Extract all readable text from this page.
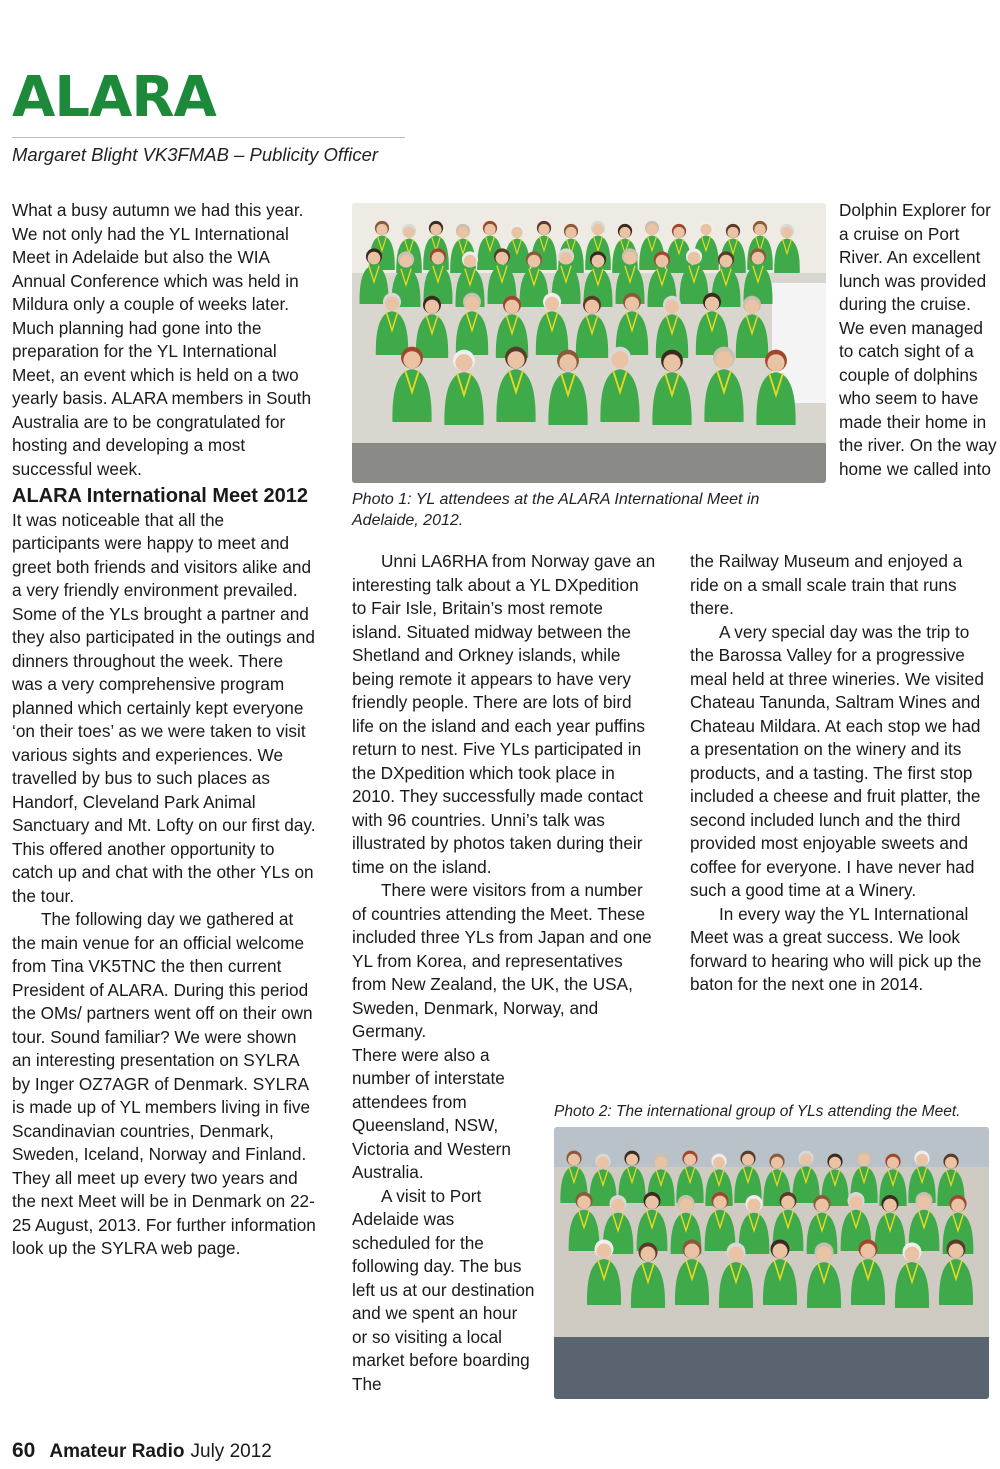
ALARA
Margaret Blight VK3FMAB – Publicity Officer

What a busy autumn we had this year. We not only had the YL International Meet in Adelaide but also the WIA Annual Conference which was held in Mildura only a couple of weeks later. Much planning had gone into the preparation for the YL International Meet, an event which is held on a two yearly basis. ALARA members in South Australia are to be congratulated for hosting and developing a most successful week.

ALARA International Meet 2012

It was noticeable that all the participants were happy to meet and greet both friends and visitors alike and a very friendly environment prevailed. Some of the YLs brought a partner and they also participated in the outings and dinners throughout the week. There was a very comprehensive program planned which certainly kept everyone ‘on their toes’ as we were taken to visit various sights and experiences. We travelled by bus to such places as Handorf, Cleveland Park Animal Sanctuary and Mt. Lofty on our first day. This offered another opportunity to catch up and chat with the other YLs on the tour.

The following day we gathered at the main venue for an official welcome from Tina VK5TNC the then current President of ALARA. During this period the OMs/ partners went off on their own tour. Sound familiar? We were shown an interesting presentation on SYLRA by Inger OZ7AGR of Denmark. SYLRA is made up of YL members living in five Scandinavian countries, Denmark, Sweden, Iceland, Norway and Finland. They all meet up every two years and the next Meet will be in Denmark on 22-25 August, 2013. For further information look up the SYLRA web page.

Photo 1: YL attendees at the ALARA International Meet in Adelaide, 2012.

Unni LA6RHA from Norway gave an interesting talk about a YL DXpedition to Fair Isle, Britain’s most remote island. Situated midway between the Shetland and Orkney islands, while being remote it appears to have very friendly people. There are lots of bird life on the island and each year puffins return to nest. Five YLs participated in the DXpedition which took place in 2010. They successfully made contact with 96 countries. Unni’s talk was illustrated by photos taken during their time on the island.

There were visitors from a number of countries attending the Meet. These included three YLs from Japan and one YL from Korea, and representatives from New Zealand, the UK, the USA, Sweden, Denmark, Norway, and Germany.
There were also a number of interstate attendees from Queensland, NSW, Victoria and Western Australia.

A visit to Port Adelaide was scheduled for the following day. The bus left us at our destination and we spent an hour or so visiting a local market before boarding The

Dolphin Explorer for a cruise on Port River. An excellent lunch was provided during the cruise. We even managed to catch sight of a couple of dolphins who seem to have made their home in the river. On the way home we called into

the Railway Museum and enjoyed a ride on a small scale train that runs there.

A very special day was the trip to the Barossa Valley for a progressive meal held at three wineries. We visited Chateau Tanunda, Saltram Wines and Chateau Mildara. At each stop we had a presentation on the winery and its products, and a tasting. The first stop included a cheese and fruit platter, the second included lunch and the third provided most enjoyable sweets and coffee for everyone. I have never had such a good time at a Winery.

In every way the YL International Meet was a great success. We look forward to hearing who will pick up the baton for the next one in 2014.

Photo 2: The international group of YLs attending the Meet.
60 Amateur Radio July 2012
